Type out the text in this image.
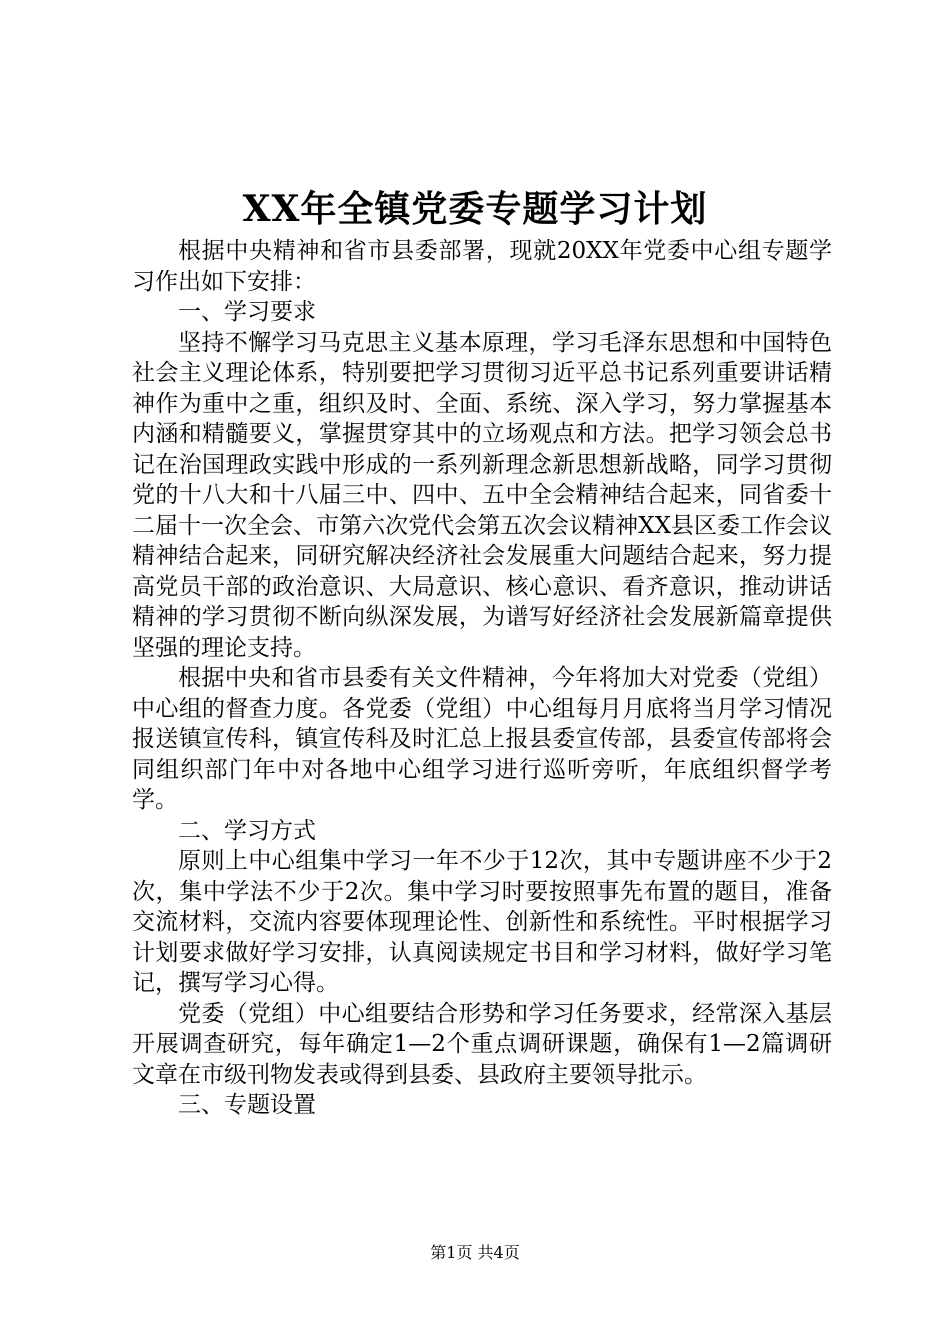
XX年全镇党委专题学习计划

根据中央精神和省市县委部署，现就20XX年党委中心组专题学习作出如下安排：

一、学习要求

坚持不懈学习马克思主义基本原理，学习毛泽东思想和中国特色社会主义理论体系，特别要把学习贯彻习近平总书记系列重要讲话精神作为重中之重，组织及时、全面、系统、深入学习，努力掌握基本内涵和精髓要义，掌握贯穿其中的立场观点和方法。把学习领会总书记在治国理政实践中形成的一系列新理念新思想新战略，同学习贯彻党的十八大和十八届三中、四中、五中全会精神结合起来，同省委十二届十一次全会、市第六次党代会第五次会议精神XX县区委工作会议精神结合起来，同研究解决经济社会发展重大问题结合起来，努力提高党员干部的政治意识、大局意识、核心意识、看齐意识，推动讲话精神的学习贯彻不断向纵深发展，为谱写好经济社会发展新篇章提供坚强的理论支持。

根据中央和省市县委有关文件精神，今年将加大对党委（党组）中心组的督查力度。各党委（党组）中心组每月月底将当月学习情况报送镇宣传科，镇宣传科及时汇总上报县委宣传部，县委宣传部将会同组织部门年中对各地中心组学习进行巡听旁听，年底组织督学考学。

二、学习方式

原则上中心组集中学习一年不少于12次，其中专题讲座不少于2次，集中学法不少于2次。集中学习时要按照事先布置的题目，准备交流材料，交流内容要体现理论性、创新性和系统性。平时根据学习计划要求做好学习安排，认真阅读规定书目和学习材料，做好学习笔记，撰写学习心得。

党委（党组）中心组要结合形势和学习任务要求，经常深入基层开展调查研究，每年确定1—2个重点调研课题，确保有1—2篇调研文章在市级刊物发表或得到县委、县政府主要领导批示。

三、专题设置

第1页 共4页
